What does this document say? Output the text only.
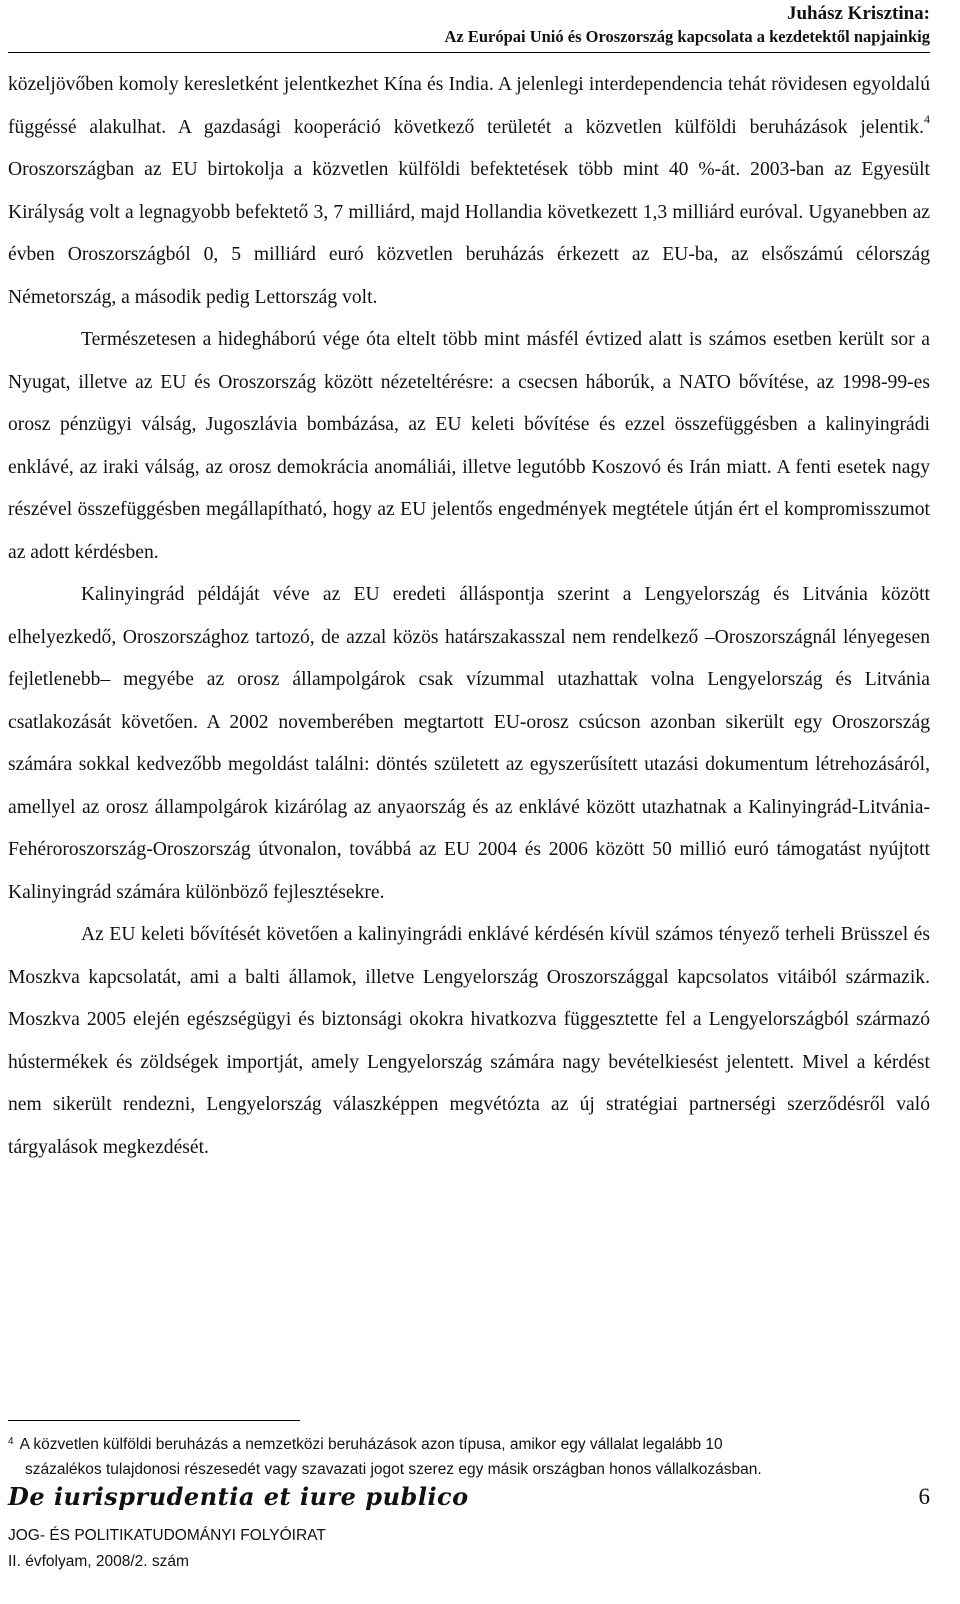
Juhász Krisztina:
Az Európai Unió és Oroszország kapcsolata a kezdetektől napjainkig

közeljövőben komoly keresletként jelentkezhet Kína és India. A jelenlegi interdependencia tehát rövidesen egyoldalú függéssé alakulhat. A gazdasági kooperáció következő területét a közvetlen külföldi beruházások jelentik.$^4$ Oroszországban az EU birtokolja a közvetlen külföldi befektetések több mint 40 %-át. 2003-ban az Egyesült Királyság volt a legnagyobb befektető 3, 7 milliárd, majd Hollandia következett 1,3 milliárd euróval. Ugyanebben az évben Oroszországból 0, 5 milliárd euró közvetlen beruházás érkezett az EU-ba, az elsőszámú célország Németország, a második pedig Lettország volt.

Természetesen a hidegháború vége óta eltelt több mint másfél évtized alatt is számos esetben került sor a Nyugat, illetve az EU és Oroszország között nézeteltérésre: a csecsen háborúk, a NATO bővítése, az 1998-99-es orosz pénzügyi válság, Jugoszlávia bombázása, az EU keleti bővítése és ezzel összefüggésben a kalinyingrádi enklávé, az iraki válság, az orosz demokrácia anomáliái, illetve legutóbb Koszovó és Irán miatt. A fenti esetek nagy részével összefüggésben megállapítható, hogy az EU jelentős engedmények megtétele útján ért el kompromisszumot az adott kérdésben.

Kalinyingrád példáját véve az EU eredeti álláspontja szerint a Lengyelország és Litvánia között elhelyezkedő, Oroszországhoz tartozó, de azzal közös határszakasszal nem rendelkező –Oroszországnál lényegesen fejletlenebb– megyébe az orosz állampolgárok csak vízummal utazhattak volna Lengyelország és Litvánia csatlakozását követően. A 2002 novemberében megtartott EU-orosz csúcson azonban sikerült egy Oroszország számára sokkal kedvezőbb megoldást találni: döntés született az egyszerűsített utazási dokumentum létrehozásáról, amellyel az orosz állampolgárok kizárólag az anyaország és az enklávé között utazhatnak a Kalinyingrád-Litvánia-Fehéroroszország-Oroszország útvonalon, továbbá az EU 2004 és 2006 között 50 millió euró támogatást nyújtott Kalinyingrád számára különböző fejlesztésekre.

Az EU keleti bővítését követően a kalinyingrádi enklávé kérdésén kívül számos tényező terheli Brüsszel és Moszkva kapcsolatát, ami a balti államok, illetve Lengyelország Oroszországgal kapcsolatos vitáiból származik. Moszkva 2005 elején egészségügyi és biztonsági okokra hivatkozva függesztette fel a Lengyelországból származó hústermékek és zöldségek importját, amely Lengyelország számára nagy bevételkiesést jelentett. Mivel a kérdést nem sikerült rendezni, Lengyelország válaszképpen megvétózta az új stratégiai partnerségi szerződésről való tárgyalások megkezdését.

$^4$ A közvetlen külföldi beruházás a nemzetközi beruházások azon típusa, amikor egy vállalat legalább 10
százalékos tulajdonosi részesedét vagy szavazati jogot szerez egy másik országban honos vállalkozásban.
De iurisprudentia et iure publico	6
JOG- ÉS POLITIKATUDOMÁNYI FOLYÓIRAT
II. évfolyam, 2008/2. szám
